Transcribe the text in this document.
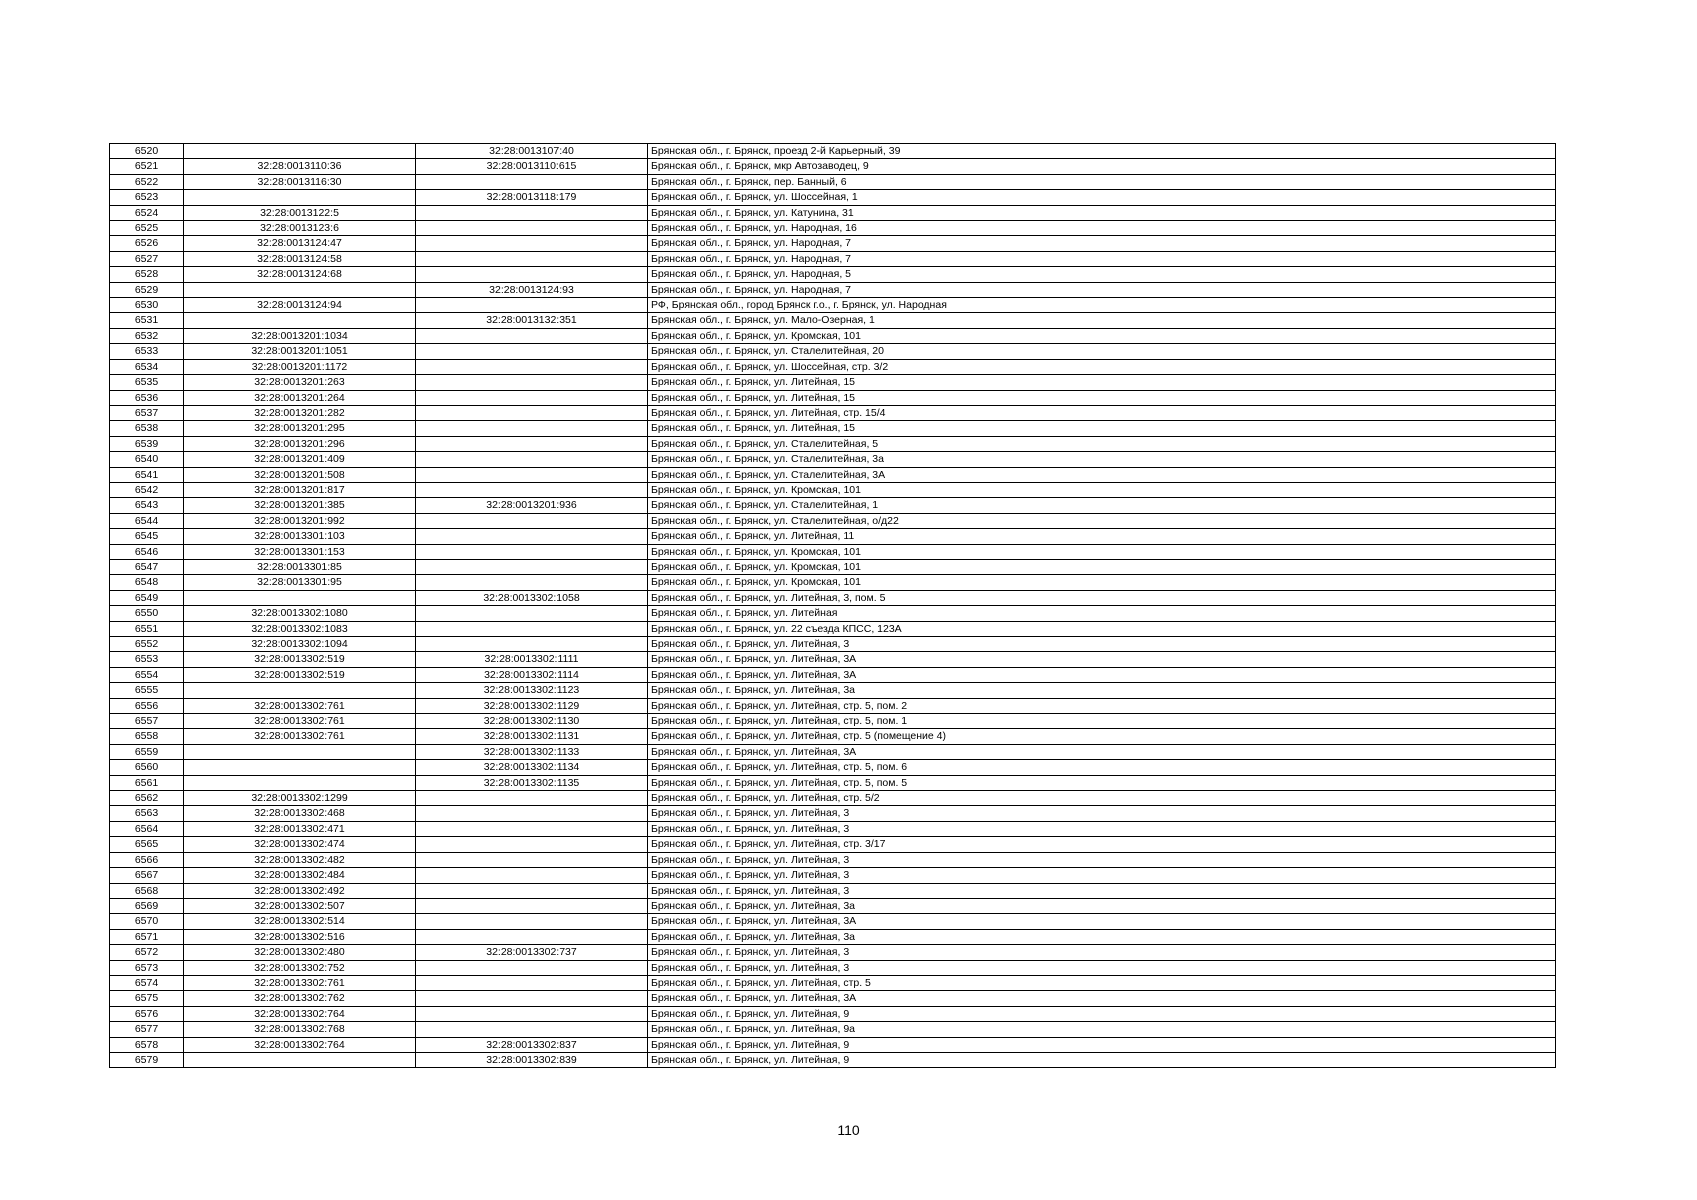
6520		32:28:0013107:40	Брянская обл., г. Брянск, проезд 2-й Карьерный, 39
6521	32:28:0013110:36	32:28:0013110:615	Брянская обл., г. Брянск, мкр Автозаводец, 9
6522	32:28:0013116:30		Брянская обл., г. Брянск, пер. Банный, 6
6523		32:28:0013118:179	Брянская обл., г. Брянск, ул. Шоссейная, 1
6524	32:28:0013122:5		Брянская обл., г. Брянск, ул. Катунина, 31
6525	32:28:0013123:6		Брянская обл., г. Брянск, ул. Народная, 16
6526	32:28:0013124:47		Брянская обл., г. Брянск, ул. Народная, 7
6527	32:28:0013124:58		Брянская обл., г. Брянск, ул. Народная, 7
6528	32:28:0013124:68		Брянская обл., г. Брянск, ул. Народная, 5
6529		32:28:0013124:93	Брянская обл., г. Брянск, ул. Народная, 7
6530	32:28:0013124:94		РФ, Брянская обл., город Брянск г.о., г. Брянск, ул. Народная
6531		32:28:0013132:351	Брянская обл., г. Брянск, ул. Мало-Озерная, 1
6532	32:28:0013201:1034		Брянская обл., г. Брянск, ул. Кромская, 101
6533	32:28:0013201:1051		Брянская обл., г. Брянск, ул. Сталелитейная, 20
6534	32:28:0013201:1172		Брянская обл., г. Брянск, ул. Шоссейная, стр. 3/2
6535	32:28:0013201:263		Брянская обл., г. Брянск, ул. Литейная, 15
6536	32:28:0013201:264		Брянская обл., г. Брянск, ул. Литейная, 15
6537	32:28:0013201:282		Брянская обл., г. Брянск, ул. Литейная, стр. 15/4
6538	32:28:0013201:295		Брянская обл., г. Брянск, ул. Литейная, 15
6539	32:28:0013201:296		Брянская обл., г. Брянск, ул. Сталелитейная, 5
6540	32:28:0013201:409		Брянская обл., г. Брянск, ул. Сталелитейная, 3а
6541	32:28:0013201:508		Брянская обл., г. Брянск, ул. Сталелитейная, 3А
6542	32:28:0013201:817		Брянская обл., г. Брянск, ул. Кромская, 101
6543	32:28:0013201:385	32:28:0013201:936	Брянская обл., г. Брянск, ул. Сталелитейная, 1
6544	32:28:0013201:992		Брянская обл., г. Брянск, ул. Сталелитейная, о/д22
6545	32:28:0013301:103		Брянская обл., г. Брянск, ул. Литейная, 11
6546	32:28:0013301:153		Брянская обл., г. Брянск, ул. Кромская, 101
6547	32:28:0013301:85		Брянская обл., г. Брянск, ул. Кромская, 101
6548	32:28:0013301:95		Брянская обл., г. Брянск, ул. Кромская, 101
6549		32:28:0013302:1058	Брянская обл., г. Брянск, ул. Литейная, 3, пом. 5
6550	32:28:0013302:1080		Брянская обл., г. Брянск, ул. Литейная
6551	32:28:0013302:1083		Брянская обл., г. Брянск, ул. 22 съезда КПСС, 123А
6552	32:28:0013302:1094		Брянская обл., г. Брянск, ул. Литейная, 3
6553	32:28:0013302:519	32:28:0013302:1111	Брянская обл., г. Брянск, ул. Литейная, 3А
6554	32:28:0013302:519	32:28:0013302:1114	Брянская обл., г. Брянск, ул. Литейная, 3А
6555		32:28:0013302:1123	Брянская обл., г. Брянск, ул. Литейная, 3а
6556	32:28:0013302:761	32:28:0013302:1129	Брянская обл., г. Брянск, ул. Литейная, стр. 5, пом. 2
6557	32:28:0013302:761	32:28:0013302:1130	Брянская обл., г. Брянск, ул. Литейная, стр. 5, пом. 1
6558	32:28:0013302:761	32:28:0013302:1131	Брянская обл., г. Брянск, ул. Литейная, стр. 5 (помещение 4)
6559		32:28:0013302:1133	Брянская обл., г. Брянск, ул. Литейная, 3А
6560		32:28:0013302:1134	Брянская обл., г. Брянск, ул. Литейная, стр. 5, пом. 6
6561		32:28:0013302:1135	Брянская обл., г. Брянск, ул. Литейная, стр. 5, пом. 5
6562	32:28:0013302:1299		Брянская обл., г. Брянск, ул. Литейная, стр. 5/2
6563	32:28:0013302:468		Брянская обл., г. Брянск, ул. Литейная, 3
6564	32:28:0013302:471		Брянская обл., г. Брянск, ул. Литейная, 3
6565	32:28:0013302:474		Брянская обл., г. Брянск, ул. Литейная, стр. 3/17
6566	32:28:0013302:482		Брянская обл., г. Брянск, ул. Литейная, 3
6567	32:28:0013302:484		Брянская обл., г. Брянск, ул. Литейная, 3
6568	32:28:0013302:492		Брянская обл., г. Брянск, ул. Литейная, 3
6569	32:28:0013302:507		Брянская обл., г. Брянск, ул. Литейная, 3а
6570	32:28:0013302:514		Брянская обл., г. Брянск, ул. Литейная, 3А
6571	32:28:0013302:516		Брянская обл., г. Брянск, ул. Литейная, 3а
6572	32:28:0013302:480	32:28:0013302:737	Брянская обл., г. Брянск, ул. Литейная, 3
6573	32:28:0013302:752		Брянская обл., г. Брянск, ул. Литейная, 3
6574	32:28:0013302:761		Брянская обл., г. Брянск, ул. Литейная, стр. 5
6575	32:28:0013302:762		Брянская обл., г. Брянск, ул. Литейная, 3А
6576	32:28:0013302:764		Брянская обл., г. Брянск, ул. Литейная, 9
6577	32:28:0013302:768		Брянская обл., г. Брянск, ул. Литейная, 9а
6578	32:28:0013302:764	32:28:0013302:837	Брянская обл., г. Брянск, ул. Литейная, 9
6579		32:28:0013302:839	Брянская обл., г. Брянск, ул. Литейная, 9
110
